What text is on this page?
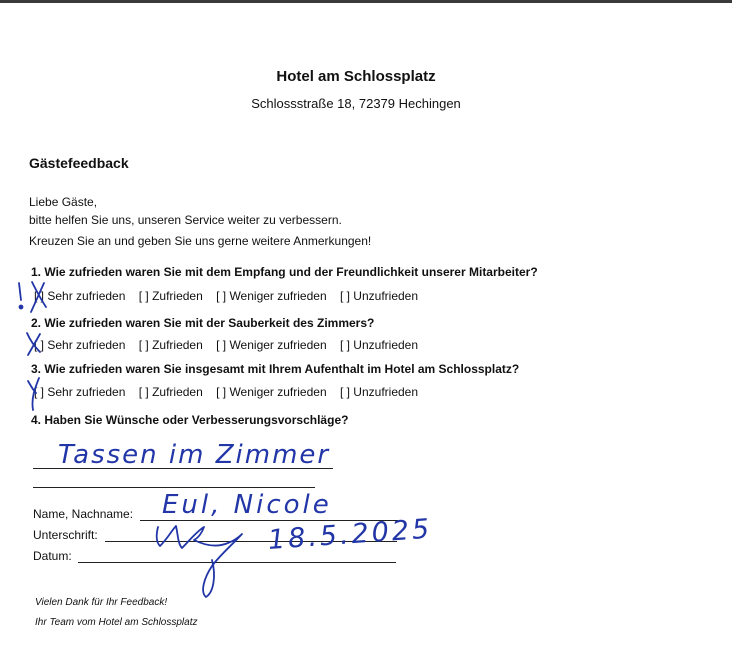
Hotel am Schlossplatz
Schlossstraße 18, 72379 Hechingen
Gästefeedback
Liebe Gäste,
bitte helfen Sie uns, unseren Service weiter zu verbessern.
Kreuzen Sie an und geben Sie uns gerne weitere Anmerkungen!
1. Wie zufrieden waren Sie mit dem Empfang und der Freundlichkeit unserer Mitarbeiter?
[ ] Sehr zufrieden [ ] Zufrieden [ ] Weniger zufrieden [ ] Unzufrieden
2. Wie zufrieden waren Sie mit der Sauberkeit des Zimmers?
[ ] Sehr zufrieden [ ] Zufrieden [ ] Weniger zufrieden [ ] Unzufrieden
3. Wie zufrieden waren Sie insgesamt mit Ihrem Aufenthalt im Hotel am Schlossplatz?
[ ] Sehr zufrieden [ ] Zufrieden [ ] Weniger zufrieden [ ] Unzufrieden
4. Haben Sie Wünsche oder Verbesserungsvorschläge?
Tassen im Zimmer
Name, Nachname: Eul, Nicole
Unterschrift:
Datum:
18.5.2025
Vielen Dank für Ihr Feedback!
Ihr Team vom Hotel am Schlossplatz
